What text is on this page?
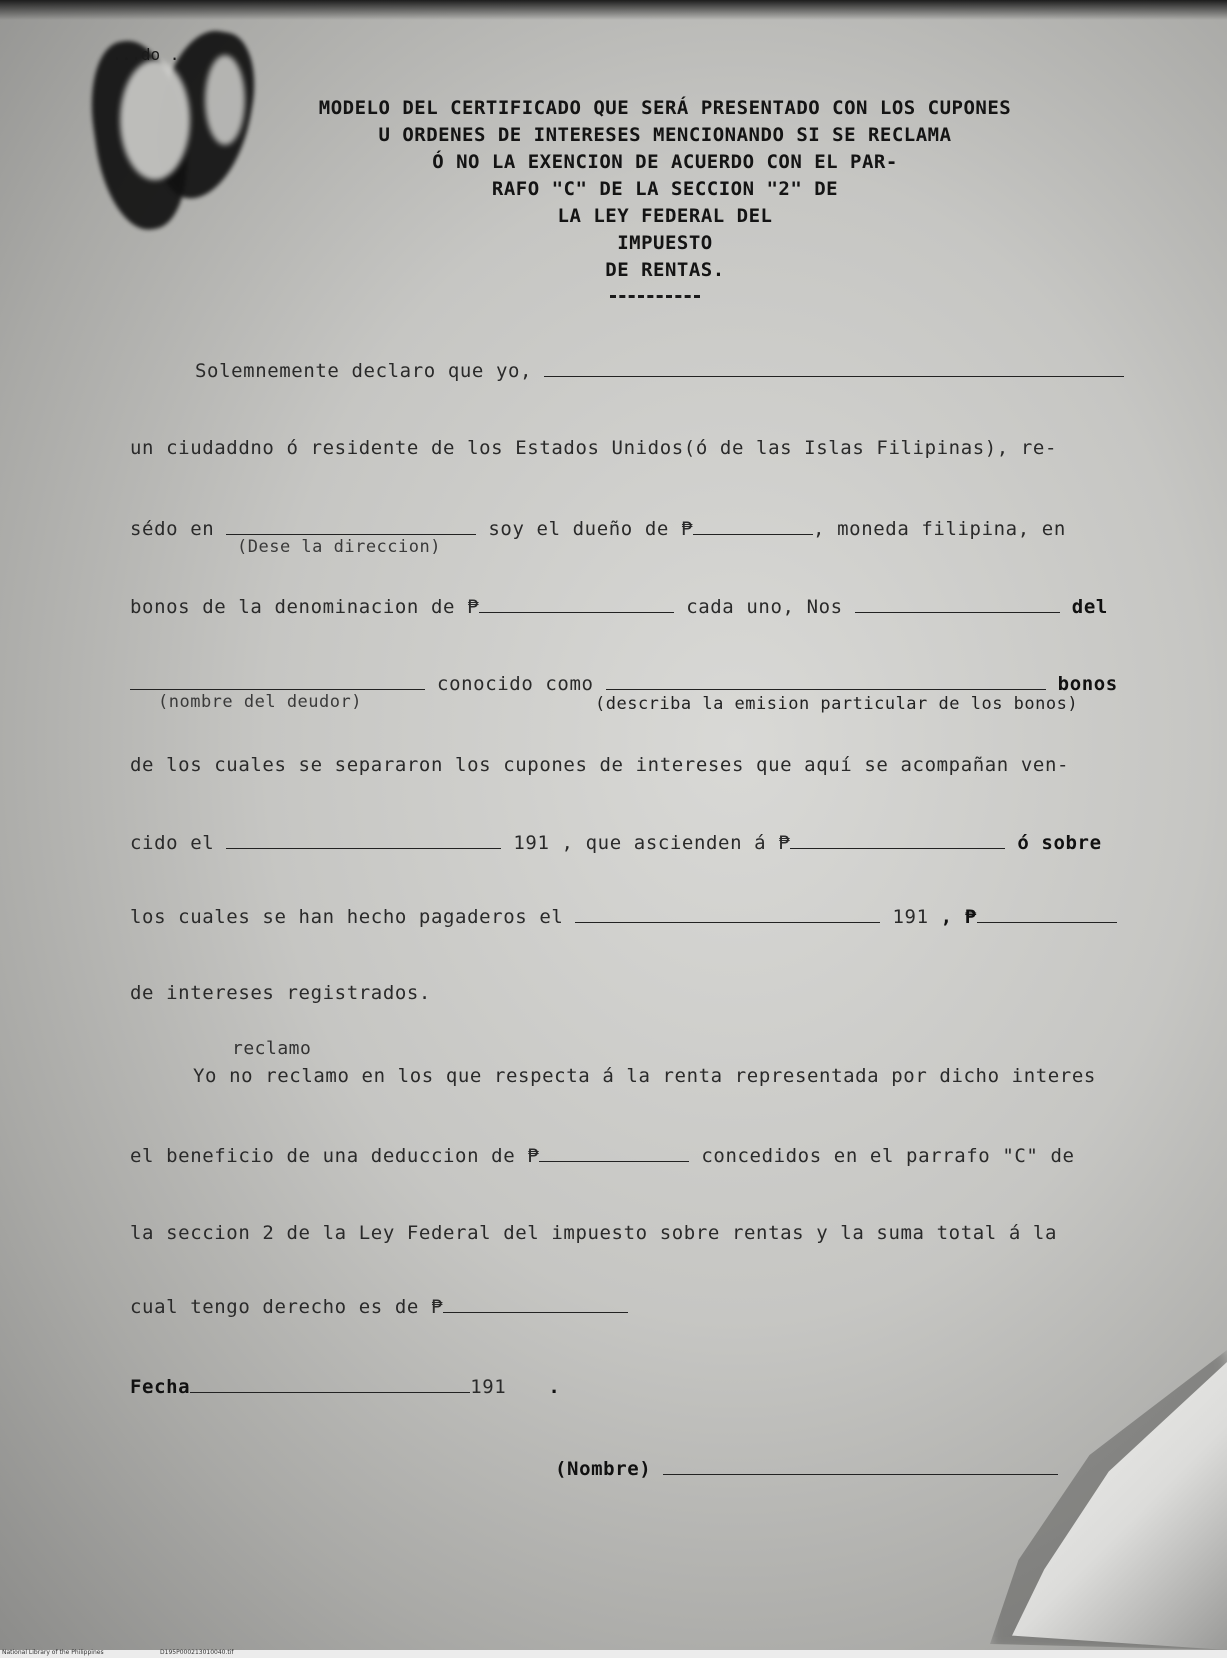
...do .
MODELO DEL CERTIFICADO QUE SERÁ PRESENTADO CON LOS CUPONES
U ORDENES DE INTERESES MENCIONANDO SI SE RECLAMA
Ó NO LA EXENCION DE ACUERDO CON EL PAR-
RAFO "C" DE LA SECCION "2" DE
LA LEY FEDERAL DEL
IMPUESTO
DE RENTAS.
Solemnemente declaro que yo,
un ciudaddno ó residente de los Estados Unidos(ó de las Islas Filipinas), re-
sédo en	soy el dueño de ₱	, moneda filipina, en
(Dese la direccion)
bonos de la denominacion de ₱	cada uno, Nos	del
conocido como	bonos
(nombre del deudor)	(describa la emision particular de los bonos)
de los cuales se separaron los cupones de intereses que aquí se acompañan ven-
cido el	191 , que ascienden á ₱	ó sobre
los cuales se han hecho pagaderos el	191 , ₱
de intereses registrados.
reclamo
Yo no reclamo en los que respecta á la renta representada por dicho interes
el beneficio de una deduccion de ₱	concedidos en el parrafo "C" de
la seccion 2 de la Ley Federal del impuesto sobre rentas y la suma total á la
cual tengo derecho es de ₱
Fecha	191 .
(Nombre)
National Library of the Philippines	D195P000213010040.tif
